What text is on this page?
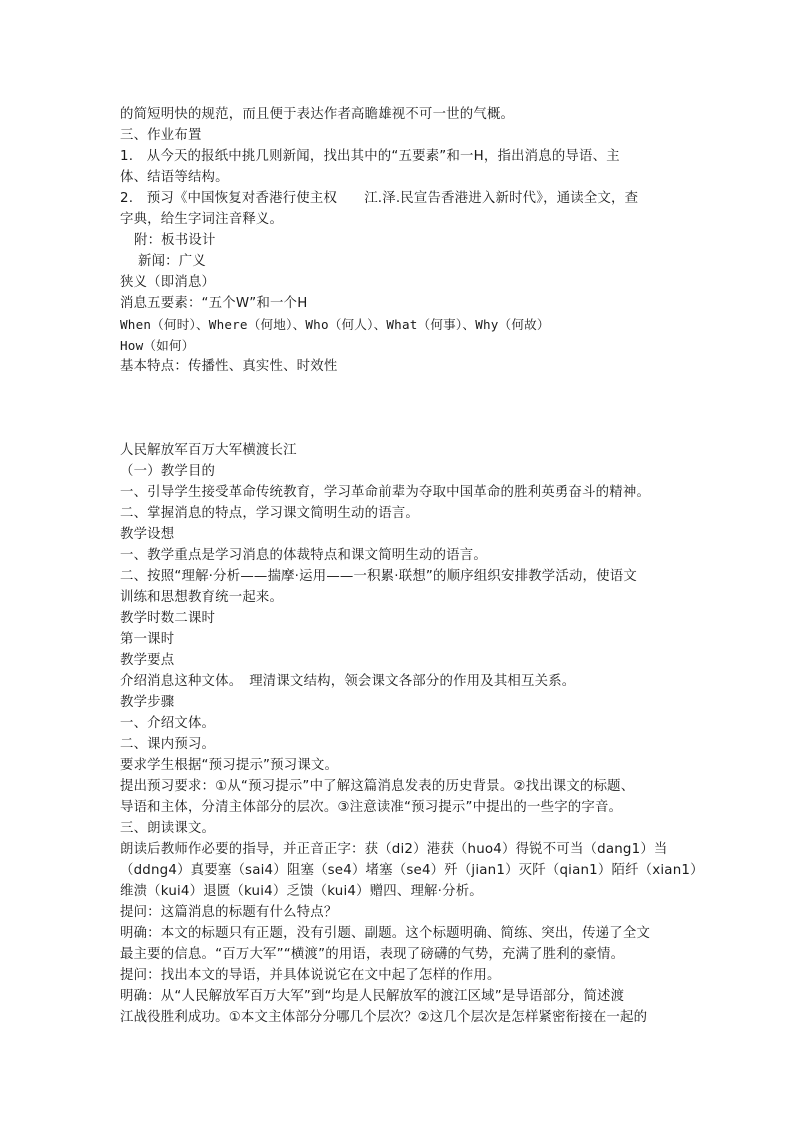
的简短明快的规范，而且便于表达作者高瞻雄视不可一世的气概。
三、作业布置
1.　从今天的报纸中挑几则新闻，找出其中的“五要素”和一H，指出消息的导语、主
体、结语等结构。
2.　预习《中国恢复对香港行使主权　　江.泽.民宣告香港进入新时代》，通读全文，查
字典，给生字词注音释义。
附：板书设计
新闻：广义
狭义（即消息）
消息五要素：“五个W”和一个H
When（何时）、Where（何地）、Who（何人）、What（何事）、Why（何故）
How（如何）
基本特点：传播性、真实性、时效性
人民解放军百万大军横渡长江
（一）教学目的
一、引导学生接受革命传统教育，学习革命前辈为夺取中国革命的胜利英勇奋斗的精神。
二、掌握消息的特点，学习课文简明生动的语言。
教学设想
一、教学重点是学习消息的体裁特点和课文简明生动的语言。
二、按照“理解·分析——揣摩·运用——一积累·联想”的顺序组织安排教学活动，使语文
训练和思想教育统一起来。
教学时数二课时
第一课时
教学要点
介绍消息这种文体。　理清课文结构，领会课文各部分的作用及其相互关系。
教学步骤
一、介绍文体。
二、课内预习。
要求学生根据“预习提示”预习课文。
提出预习要求：①从“预习提示”中了解这篇消息发表的历史背景。②找出课文的标题、
导语和主体，分清主体部分的层次。③注意读准“预习提示”中提出的一些字的字音。
三、朗读课文。
朗读后教师作必要的指导，并正音正字：获（di2）港获（huo4）得锐不可当（dang1）当
（ddng4）真要塞（sai4）阻塞（se4）堵塞（se4）歼（jian1）灭阡（qian1）陌纤（xian1）
维溃（kui4）退匮（kui4）乏馈（kui4）赠四、理解·分析。
提问：这篇消息的标题有什么特点？
明确：本文的标题只有正题，没有引题、副题。这个标题明确、简练、突出，传递了全文
最主要的信息。“百万大军”“横渡”的用语，表现了磅礴的气势，充满了胜利的豪情。
提问：找出本文的导语，并具体说说它在文中起了怎样的作用。
明确：从“人民解放军百万大军”到“均是人民解放军的渡江区域”是导语部分，简述渡
江战役胜利成功。①本文主体部分分哪几个层次？②这几个层次是怎样紧密衔接在一起的
